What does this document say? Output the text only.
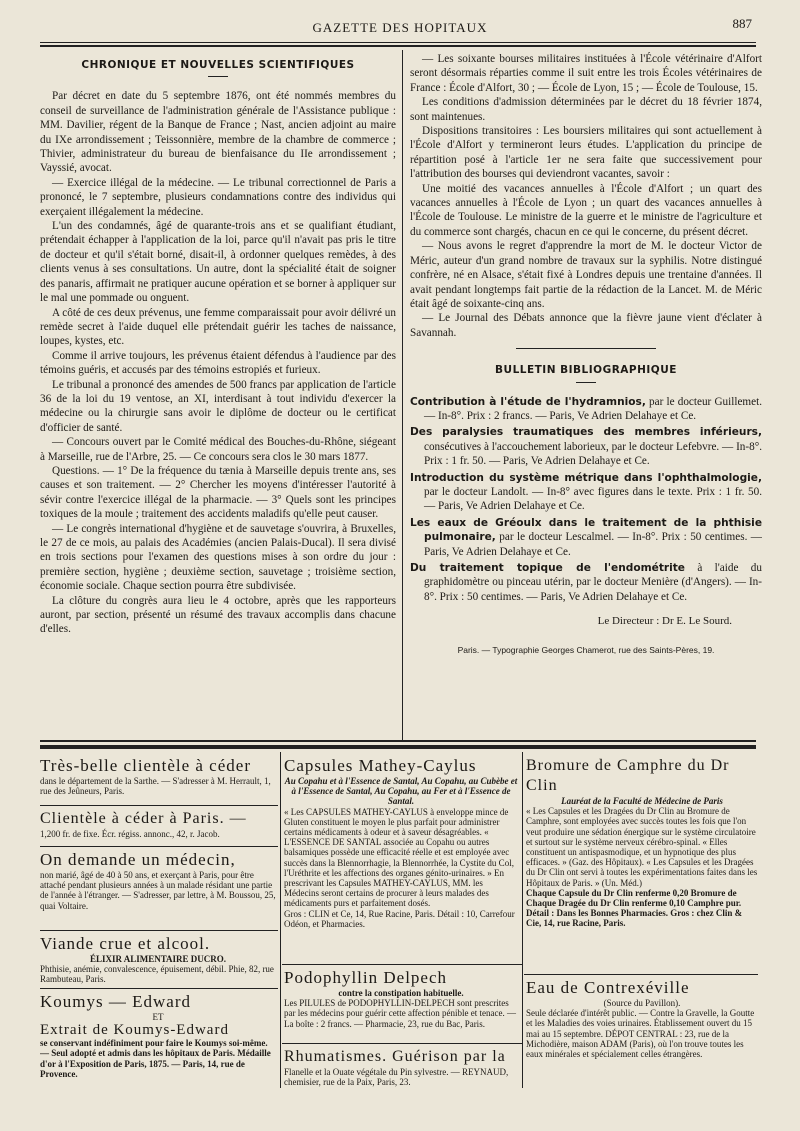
GAZETTE DES HOPITAUX	887
CHRONIQUE ET NOUVELLES SCIENTIFIQUES

Par décret en date du 5 septembre 1876, ont été nommés membres du conseil de surveillance de l'administration générale de l'Assistance publique : MM. Davilier, régent de la Banque de France ; Nast, ancien adjoint au maire du IXe arrondissement ; Teissonnière, membre de la chambre de commerce ; Thivier, administrateur du bureau de bienfaisance du IIe arrondissement ; Vayssié, avocat.

— Exercice illégal de la médecine. — Le tribunal correctionnel de Paris a prononcé, le 7 septembre, plusieurs condamnations contre des individus qui exerçaient illégalement la médecine.

L'un des condamnés, âgé de quarante-trois ans et se qualifiant étudiant, prétendait échapper à l'application de la loi, parce qu'il n'avait pas pris le titre de docteur et qu'il s'était borné, disait-il, à ordonner quelques remèdes, à des clients venus à ses consultations. Un autre, dont la spécialité était de soigner des panaris, affirmait ne pratiquer aucune opération et se borner à appliquer sur le mal une pommade ou onguent.

A côté de ces deux prévenus, une femme comparaissait pour avoir délivré un remède secret à l'aide duquel elle prétendait guérir les taches de naissance, loupes, kystes, etc.

Comme il arrive toujours, les prévenus étaient défendus à l'audience par des témoins guéris, et accusés par des témoins estropiés et furieux.

Le tribunal a prononcé des amendes de 500 francs par application de l'article 36 de la loi du 19 ventose, an XI, interdisant à tout individu d'exercer la médecine ou la chirurgie sans avoir le diplôme de docteur ou le certificat d'officier de santé.

— Concours ouvert par le Comité médical des Bouches-du-Rhône, siégeant à Marseille, rue de l'Arbre, 25. — Ce concours sera clos le 30 mars 1877.

Questions. — 1° De la fréquence du tænia à Marseille depuis trente ans, ses causes et son traitement. — 2° Chercher les moyens d'intéresser l'autorité à sévir contre l'exercice illégal de la pharmacie. — 3° Quels sont les principes toxiques de la moule ; traitement des accidents maladifs qu'elle peut causer.

— Le congrès international d'hygiène et de sauvetage s'ouvrira, à Bruxelles, le 27 de ce mois, au palais des Académies (ancien Palais-Ducal). Il sera divisé en trois sections pour l'examen des questions mises à son ordre du jour : première section, hygiène ; deuxième section, sauvetage ; troisième section, économie sociale. Chaque section pourra être subdivisée.

La clôture du congrès aura lieu le 4 octobre, après que les rapporteurs auront, par section, présenté un résumé des travaux accomplis dans chacune d'elles.

— Les soixante bourses militaires instituées à l'École vétérinaire d'Alfort seront désormais réparties comme il suit entre les trois Écoles vétérinaires de France : École d'Alfort, 30 ; — École de Lyon, 15 ; — École de Toulouse, 15.

Les conditions d'admission déterminées par le décret du 18 février 1874, sont maintenues.

Dispositions transitoires : Les boursiers militaires qui sont actuellement à l'École d'Alfort y termineront leurs études. L'application du principe de répartition posé à l'article 1er ne sera faite que successivement pour l'attribution des bourses qui deviendront vacantes, savoir :

Une moitié des vacances annuelles à l'École d'Alfort ; un quart des vacances annuelles à l'École de Lyon ; un quart des vacances annuelles à l'École de Toulouse. Le ministre de la guerre et le ministre de l'agriculture et du commerce sont chargés, chacun en ce qui le concerne, du présent décret.

— Nous avons le regret d'apprendre la mort de M. le docteur Victor de Méric, auteur d'un grand nombre de travaux sur la syphilis. Notre distingué confrère, né en Alsace, s'était fixé à Londres depuis une trentaine d'années. Il avait pendant longtemps fait partie de la rédaction de la Lancet. M. de Méric était âgé de soixante-cinq ans.

— Le Journal des Débats annonce que la fièvre jaune vient d'éclater à Savannah.

BULLETIN BIBLIOGRAPHIQUE

Contribution à l'étude de l'hydramnios, par le docteur Guillemet. — In-8°. Prix : 2 francs. — Paris, Ve Adrien Delahaye et Ce.

Des paralysies traumatiques des membres inférieurs, consécutives à l'accouchement laborieux, par le docteur Lefebvre. — In-8°. Prix : 1 fr. 50. — Paris, Ve Adrien Delahaye et Ce.

Introduction du système métrique dans l'ophthalmologie, par le docteur Landolt. — In-8° avec figures dans le texte. Prix : 1 fr. 50. — Paris, Ve Adrien Delahaye et Ce.

Les eaux de Gréoulx dans le traitement de la phthisie pulmonaire, par le docteur Lescalmel. — In-8°. Prix : 50 centimes. — Paris, Ve Adrien Delahaye et Ce.

Du traitement topique de l'endométrite à l'aide du graphidomètre ou pinceau utérin, par le docteur Menière (d'Angers). — In-8°. Prix : 50 centimes. — Paris, Ve Adrien Delahaye et Ce.

Le Directeur : Dr E. Le Sourd.
Paris. — Typographie Georges Chamerot, rue des Saints-Pères, 19.
Très-belle clientèle à céder
dans le département de la Sarthe. — S'adresser à M. Herrault, 1, rue des Jeûneurs, Paris.
Clientèle à céder à Paris. —
1,200 fr. de fixe. Écr. régiss. annonc., 42, r. Jacob.
On demande un médecin,
non marié, âgé de 40 à 50 ans, et exerçant à Paris, pour être attaché pendant plusieurs années à un malade résidant une partie de l'année à l'étranger. — S'adresser, par lettre, à M. Boussou, 25, quai Voltaire.
Viande crue et alcool.
ÉLIXIR ALIMENTAIRE DUCRO.
Phthisie, anémie, convalescence, épuisement, débil. Phie, 82, rue Rambuteau, Paris.
Koumys — Edward
ET
Extrait de Koumys-Edward
se conservant indéfiniment pour faire le Koumys soi-même. — Seul adopté et admis dans les hôpitaux de Paris. Médaille d'or à l'Exposition de Paris, 1875. — Paris, 14, rue de Provence.
Capsules Mathey-Caylus
Au Copahu et à l'Essence de Santal, Au Copahu, au Cubèbe et à l'Essence de Santal, Au Copahu, au Fer et à l'Essence de Santal.
« Les CAPSULES MATHEY-CAYLUS à enveloppe mince de Gluten constituent le moyen le plus parfait pour administrer certains médicaments à odeur et à saveur désagréables. « L'ESSENCE DE SANTAL associée au Copahu ou autres balsamiques possède une efficacité réelle et est employée avec succès dans la Blennorrhagie, la Blennorrhée, la Cystite du Col, l'Uréthrite et les affections des organes génito-urinaires. » En prescrivant les Capsules MATHEY-CAYLUS, MM. les Médecins seront certains de procurer à leurs malades des médicaments purs et parfaitement dosés.
Gros : CLIN et Ce, 14, Rue Racine, Paris. Détail : 10, Carrefour Odéon, et Pharmacies.
Podophyllin Delpech
contre la constipation habituelle.
Les PILULES de PODOPHYLLIN-DELPECH sont prescrites par les médecins pour guérir cette affection pénible et tenace. — La boîte : 2 francs. — Pharmacie, 23, rue du Bac, Paris.
Rhumatismes. Guérison par la
Flanelle et la Ouate végétale du Pin sylvestre. — REYNAUD, chemisier, rue de la Paix, Paris, 23.
Bromure de Camphre du Dr Clin
Lauréat de la Faculté de Médecine de Paris
« Les Capsules et les Dragées du Dr Clin au Bromure de Camphre, sont employées avec succès toutes les fois que l'on veut produire une sédation énergique sur le système circulatoire et surtout sur le système nerveux cérébro-spinal. « Elles constituent un antispasmodique, et un hypnotique des plus efficaces. » (Gaz. des Hôpitaux). « Les Capsules et les Dragées du Dr Clin ont servi à toutes les expérimentations faites dans les Hôpitaux de Paris. » (Un. Méd.)
Chaque Capsule du Dr Clin renferme 0,20 Bromure de Chaque Dragée du Dr Clin renferme 0,10 Camphre pur. Détail : Dans les Bonnes Pharmacies. Gros : chez Clin & Cie, 14, rue Racine, Paris.
Eau de Contrexéville
(Source du Pavillon).
Seule déclarée d'intérêt public. — Contre la Gravelle, la Goutte et les Maladies des voies urinaires. Établissement ouvert du 15 mai au 15 septembre. DÉPOT CENTRAL : 23, rue de la Michodière, maison ADAM (Paris), où l'on trouve toutes les eaux minérales et spécialement celles étrangères.
